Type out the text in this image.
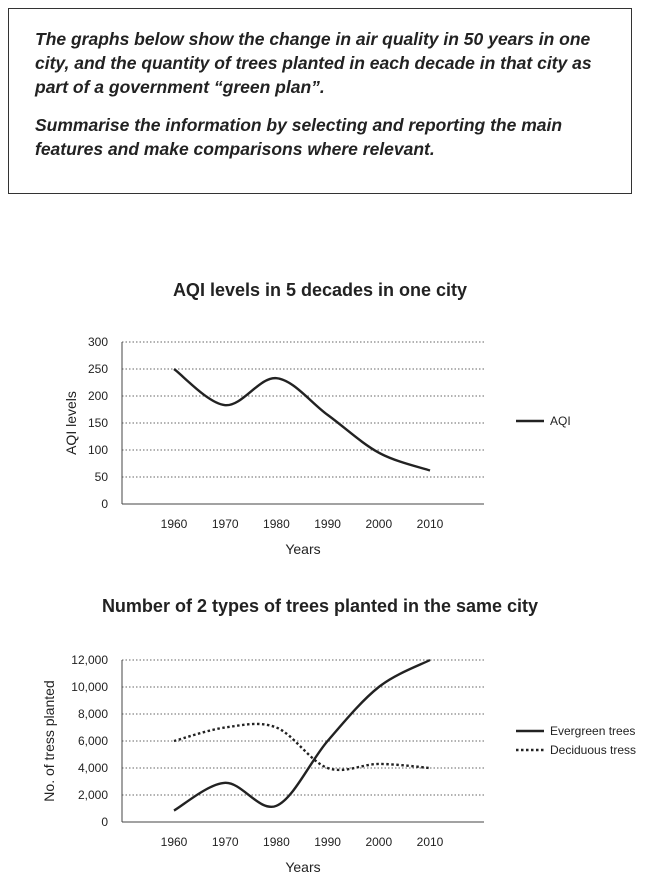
The graphs below show the change in air quality in 50 years in one city, and the quantity of trees planted in each decade in that city as part of a government “green plan”.

Summarise the information by selecting and reporting the main features and make comparisons where relevant.

AQI levels in 5 decades in one city
0
50
100
150
200
250
300
1960 1970 1980 1990 2000 2010
Years
AQI levels	AQI
Number of 2 types of trees planted in the same city
0
2,000
4,000
6,000
8,000
10,000
12,000
1960 1970 1980 1990 2000 2010
Years
No. of tress planted	Evergreen trees
Deciduous tress
